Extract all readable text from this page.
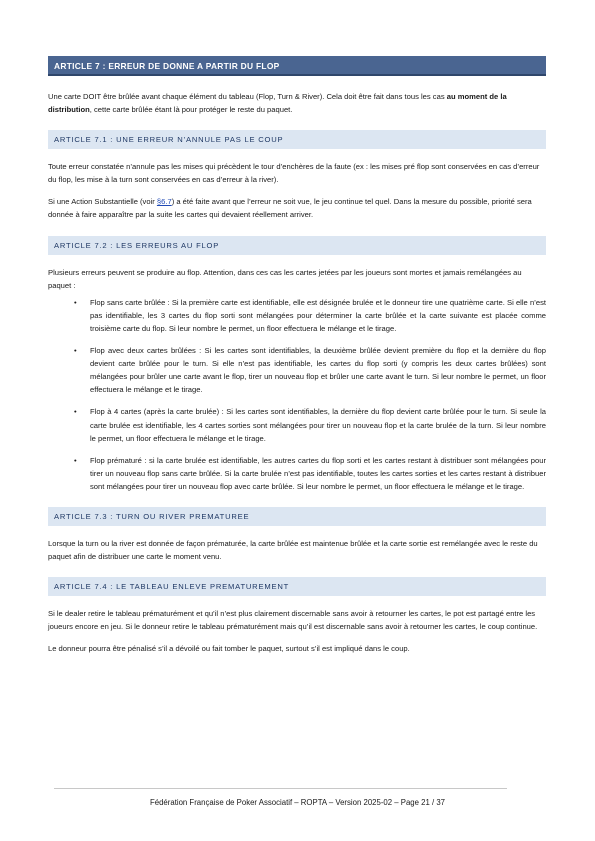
ARTICLE 7 : ERREUR DE DONNE A PARTIR DU FLOP

Une carte DOIT être brûlée avant chaque élément du tableau (Flop, Turn & River). Cela doit être fait dans tous les cas au moment de la distribution, cette carte brûlée étant là pour protéger le reste du paquet.

ARTICLE 7.1 : UNE ERREUR N’ANNULE PAS LE COUP

Toute erreur constatée n’annule pas les mises qui précèdent le tour d’enchères de la faute (ex : les mises pré flop sont conservées en cas d’erreur du flop, les mise à la turn sont conservées en cas d’erreur à la river).

Si une Action Substantielle (voir §6.7) a été faite avant que l’erreur ne soit vue, le jeu continue tel quel. Dans la mesure du possible, priorité sera donnée à faire apparaître par la suite les cartes qui devaient réellement arriver.

ARTICLE 7.2 : LES ERREURS AU FLOP

Plusieurs erreurs peuvent se produire au flop. Attention, dans ces cas les cartes jetées par les joueurs sont mortes et jamais remélangées au paquet :

• Flop sans carte brûlée : Si la première carte est identifiable, elle est désignée brulée et le donneur tire une quatrième carte. Si elle n’est pas identifiable, les 3 cartes du flop sorti sont mélangées pour déterminer la carte brûlée et la carte suivante est placée comme troisième carte du flop. Si leur nombre le permet, un floor effectuera le mélange et le tirage.
• Flop avec deux cartes brûlées : Si les cartes sont identifiables, la deuxième brûlée devient première du flop et la dernière du flop devient carte brûlée pour le turn. Si elle n’est pas identifiable, les cartes du flop sorti (y compris les deux cartes brûlées) sont mélangées pour brûler une carte avant le flop, tirer un nouveau flop et brûler une carte avant le turn. Si leur nombre le permet, un floor effectuera le mélange et le tirage.
• Flop à 4 cartes (après la carte brulée) : Si les cartes sont identifiables, la dernière du flop devient carte brûlée pour le turn. Si seule la carte brulée est identifiable, les 4 cartes sorties sont mélangées pour tirer un nouveau flop et la carte brulée de la turn. Si leur nombre le permet, un floor effectuera le mélange et le tirage.
• Flop prématuré : si la carte brulée est identifiable, les autres cartes du flop sorti et les cartes restant à distribuer sont mélangées pour tirer un nouveau flop sans carte brûlée. Si la carte brulée n’est pas identifiable, toutes les cartes sorties et les cartes restant à distribuer sont mélangées pour tirer un nouveau flop avec carte brûlée. Si leur nombre le permet, un floor effectuera le mélange et le tirage.
ARTICLE 7.3 : TURN OU RIVER PREMATUREE

Lorsque la turn ou la river est donnée de façon prématurée, la carte brûlée est maintenue brûlée et la carte sortie est remélangée avec le reste du paquet afin de distribuer une carte le moment venu.

ARTICLE 7.4 : LE TABLEAU ENLEVE PREMATUREMENT

Si le dealer retire le tableau prématurément et qu’il n’est plus clairement discernable sans avoir à retourner les cartes, le pot est partagé entre les joueurs encore en jeu. Si le donneur retire le tableau prématurément mais qu’il est discernable sans avoir à retourner les cartes, le coup continue.

Le donneur pourra être pénalisé s’il a dévoilé ou fait tomber le paquet, surtout s’il est impliqué dans le coup.

Fédération Française de Poker Associatif – ROPTA – Version 2025-02 – Page 21 / 37
